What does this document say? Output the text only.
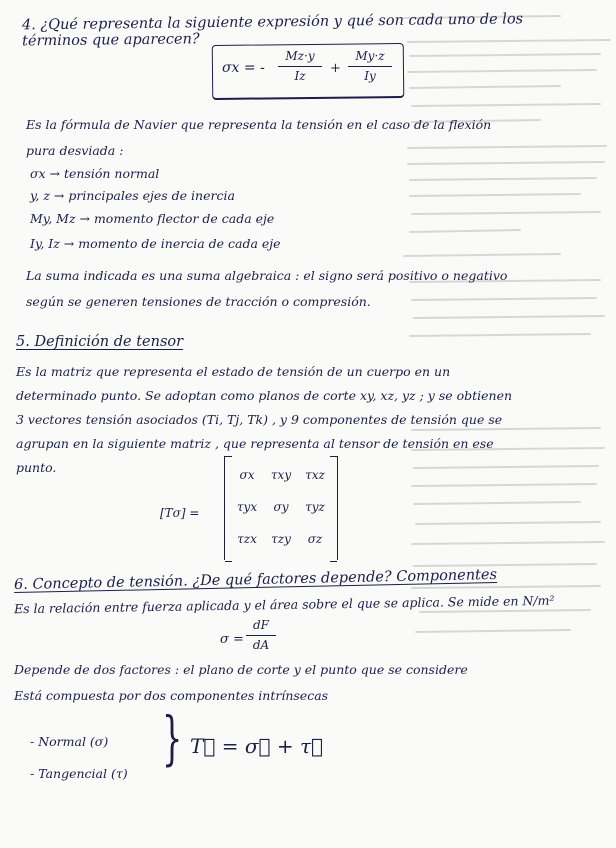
4. ¿Qué representa la siguiente expresión y qué son cada uno de los términos que aparecen?
σx = -
Mz·y
Iz	+
My·z
Iy
Es la fórmula de Navier que representa la tensión en el caso de la flexión pura desviada :
σx → tensión normal
y, z → principales ejes de inercia
My, Mz → momento flector de cada eje
Iy, Iz → momento de inercia de cada eje
La suma indicada es una suma algebraica : el signo será positivo o negativo según se generen tensiones de tracción o compresión.
5. Definición de tensor
Es la matriz que representa el estado de tensión de un cuerpo en un determinado punto. Se adoptan como planos de corte xy, xz, yz ; y se obtienen 3 vectores tensión asociados (Ti, Tj, Tk) , y 9 componentes de tensión que se agrupan en la siguiente matriz , que representa al tensor de tensión en ese punto.
[Tσ] =
σx	τxy	τxz
τyx	σy	τyz
τzx	τzy	σz
6. Concepto de tensión. ¿De qué factores depende? Componentes
Es la relación entre fuerza aplicada y el área sobre el que se aplica. Se mide en N/m²
σ =
dF
dA
Depende de dos factores : el plano de corte y el punto que se considere
Está compuesta por dos componentes intrínsecas
- Normal (σ)
- Tangencial (τ)
} T⃗ = σ⃗ + τ⃗
